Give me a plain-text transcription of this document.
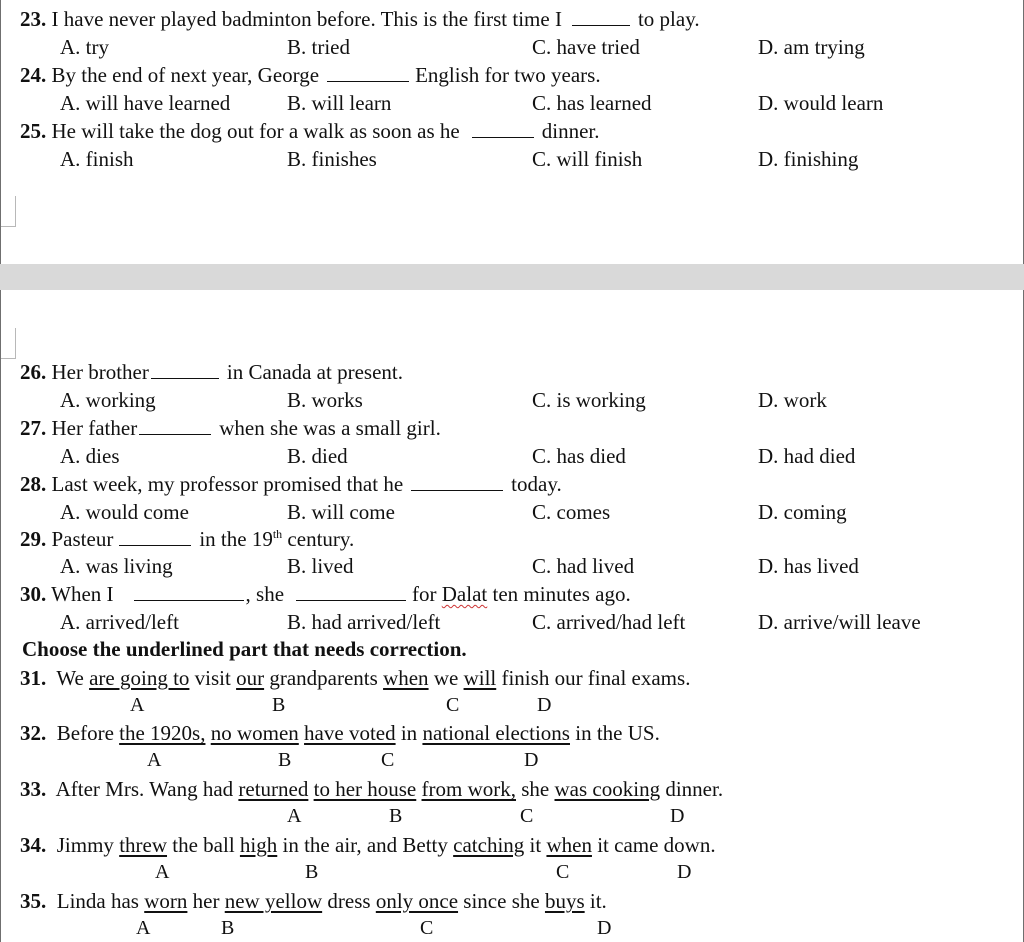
23. I have never played badminton before. This is the first time I	to play.
A. try	B. tried	C. have tried	D. am trying
24. By the end of next year, George	English for two years.
A. will have learned	B. will learn	C. has learned	D. would learn
25. He will take the dog out for a walk as soon as he	dinner.
A. finish	B. finishes	C. will finish	D. finishing
26. Her brother	in Canada at present.
A. working	B. works	C. is working	D. work
27. Her father	when she was a small girl.
A. dies	B. died	C. has died	D. had died
28. Last week, my professor promised that he	today.
A. would come	B. will come	C. comes	D. coming
29. Pasteur	in the 19th century.
A. was living	B. lived	C. had lived	D. has lived
30. When I	, she	for Dalat ten minutes ago.
A. arrived/left	B. had arrived/left	C. arrived/had left	D. arrive/will leave
Choose the underlined part that needs correction.
31. We are going to visit our grandparents when we will finish our final exams.
A	B	C	D
32. Before the 1920s, no women have voted in national elections in the US.
A	B	C	D
33. After Mrs. Wang had returned to her house from work, she was cooking dinner.
A	B	C	D
34. Jimmy threw the ball high in the air, and Betty catching it when it came down.
A	B	C	D
35. Linda has worn her new yellow dress only once since she buys it.
A	B	C	D
